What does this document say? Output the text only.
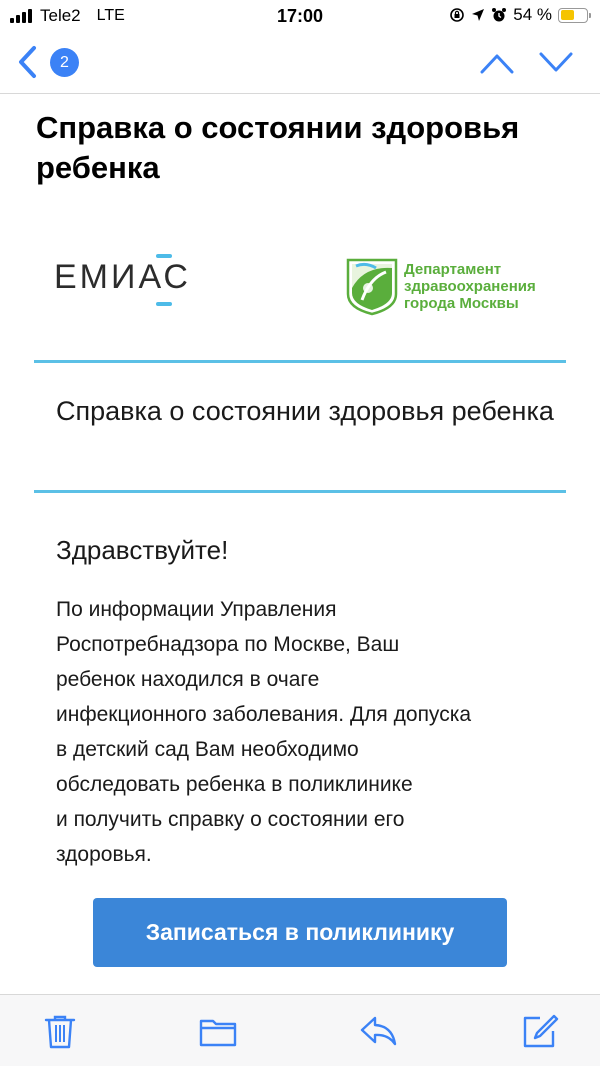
Tele2 LTE	17:00	54 %
2
Справка о состоянии здоровья ребенка
ЕМИАС	Департамент
здравоохранения
города Москвы
Справка о состоянии здоровья ребенка
Здравствуйте!
По информации Управления
Роспотребнадзора по Москве, Ваш
ребенок находился в очаге
инфекционного заболевания. Для допуска
в детский сад Вам необходимо
обследовать ребенка в поликлинике
и получить справку о состоянии его
здоровья.
Записаться в поликлинику
